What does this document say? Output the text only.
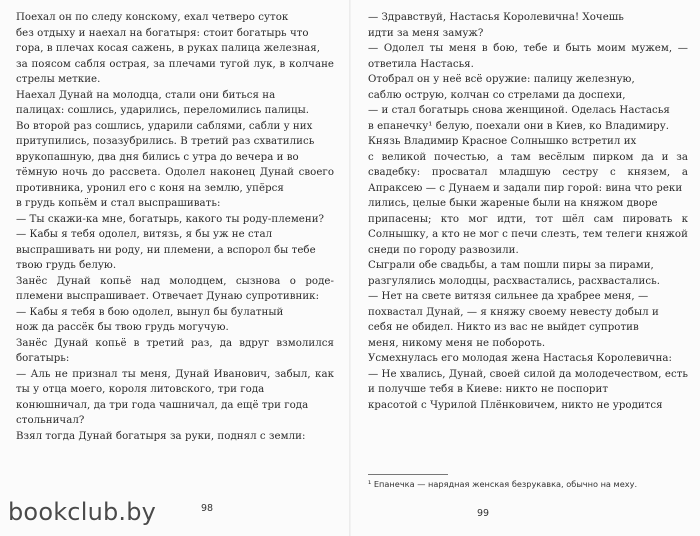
Поехал он по следу конскому, ехал четверо суток
без отдыху и наехал на богатыря: стоит богатырь что
гора, в плечах косая сажень, в руках палица железная,
за поясом сабля острая, за плечами тугой лук, в колчане стрелы меткие.
Наехал Дунай на молодца, стали они биться на
палицах: сошлись, ударились, переломились палицы.
Во второй раз сошлись, ударили саблями, сабли у них
притупились, позазубрились. В третий раз схватились
врукопашную, два дня бились с утра до вечера и во
тёмную ночь до рассвета. Одолел наконец Дунай своего противника, уронил его с коня на землю, упёрся
в грудь копьём и стал выспрашивать:
— Ты скажи-ка мне, богатырь, какого ты роду-племени?
— Кабы я тебя одолел, витязь, я бы уж не стал
выспрашивать ни роду, ни племени, а вспорол бы тебе
твою грудь белую.
Занёс Дунай копьё над молодцем, сызнова о роде-племени выспрашивает. Отвечает Дунаю супротивник:
— Кабы я тебя в бою одолел, вынул бы булатный
нож да рассёк бы твою грудь могучую.
Занёс Дунай копьё в третий раз, да вдруг взмолился богатырь:
— Аль не признал ты меня, Дунай Иванович, забыл, как ты у отца моего, короля литовского, три года
конюшничал, да три года чашничал, да ещё три года
стольничал?
Взял тогда Дунай богатыря за руки, поднял с земли:

— Здравствуй, Настасья Королевична! Хочешь
идти за меня замуж?
— Одолел ты меня в бою, тебе и быть моим мужем, — ответила Настасья.
Отобрал он у неё всё оружие: палицу железную,
саблю острую, колчан со стрелами да доспехи,
— и стал богатырь снова женщиной. Оделась Настасья
в епанечку¹ белую, поехали они в Киев, ко Владимиру.
Князь Владимир Красное Солнышко встретил их
с великой почестью, а там весёлым пирком да и за свадебку: просватал младшую сестру с князем, а Апраксею — с Дунаем и задали пир горой: вина что реки
лились, целые быки жареные были на княжом дворе
припасены; кто мог идти, тот шёл сам пировать к Солнышку, а кто не мог с печи слезть, тем телеги княжой
снеди по городу развозили.
Сыграли обе свадьбы, а там пошли пиры за пирами,
разгулялись молодцы, расхвастались, расхвастались.
— Нет на свете витязя сильнее да храбрее меня, —
похвастал Дунай, — я княжу своему невесту добыл и
себя не обидел. Никто из вас не выйдет супротив
меня, никому меня не побороть.
Усмехнулась его молодая жена Настасья Королевична:
— Не хвались, Дунай, своей силой да молодечеством, есть и получше тебя в Киеве: никто не поспорит
красотой с Чурилой Плёнковичем, никто не уродится

¹ Епанечка — нарядная женская безрукавка, обычно на меху.
98	99
bookclub.by
